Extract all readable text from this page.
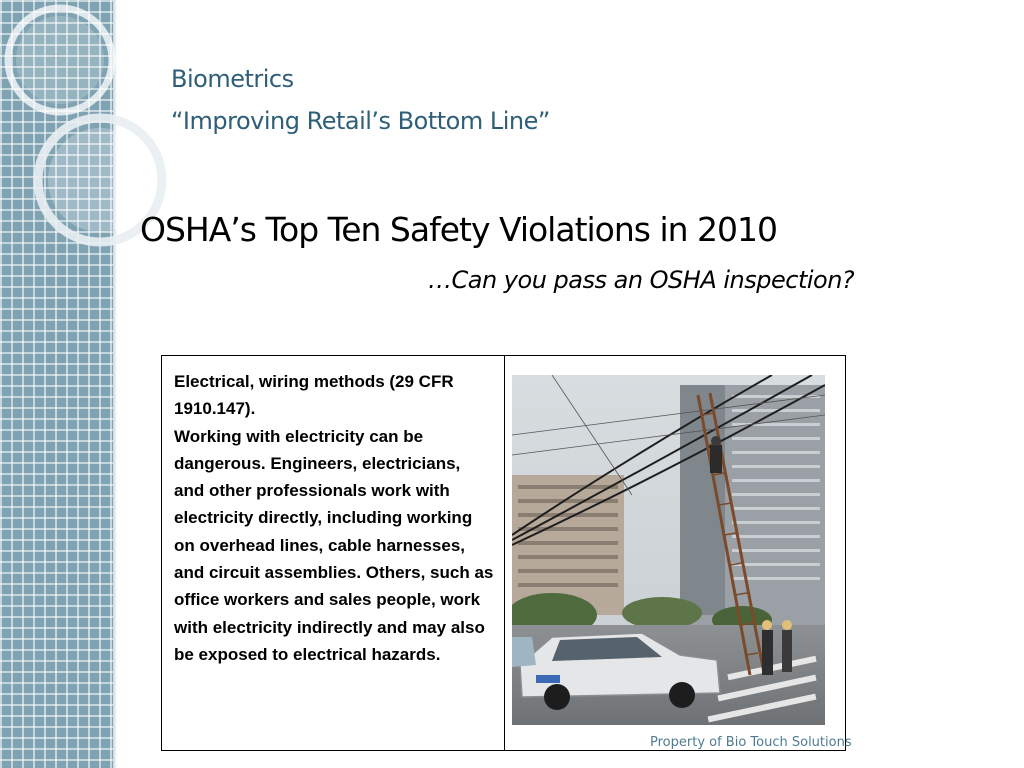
Biometrics
“Improving Retail’s Bottom Line”
OSHA’s Top Ten Safety Violations in 2010
…Can you pass an OSHA inspection?
Electrical, wiring methods (29 CFR 1910.147).
Working with electricity can be dangerous. Engineers, electricians, and other professionals work with electricity directly, including working on overhead lines, cable harnesses, and circuit assemblies. Others, such as office workers and sales people, work with electricity indirectly and may also be exposed to electrical hazards.
Property of Bio Touch Solutions
